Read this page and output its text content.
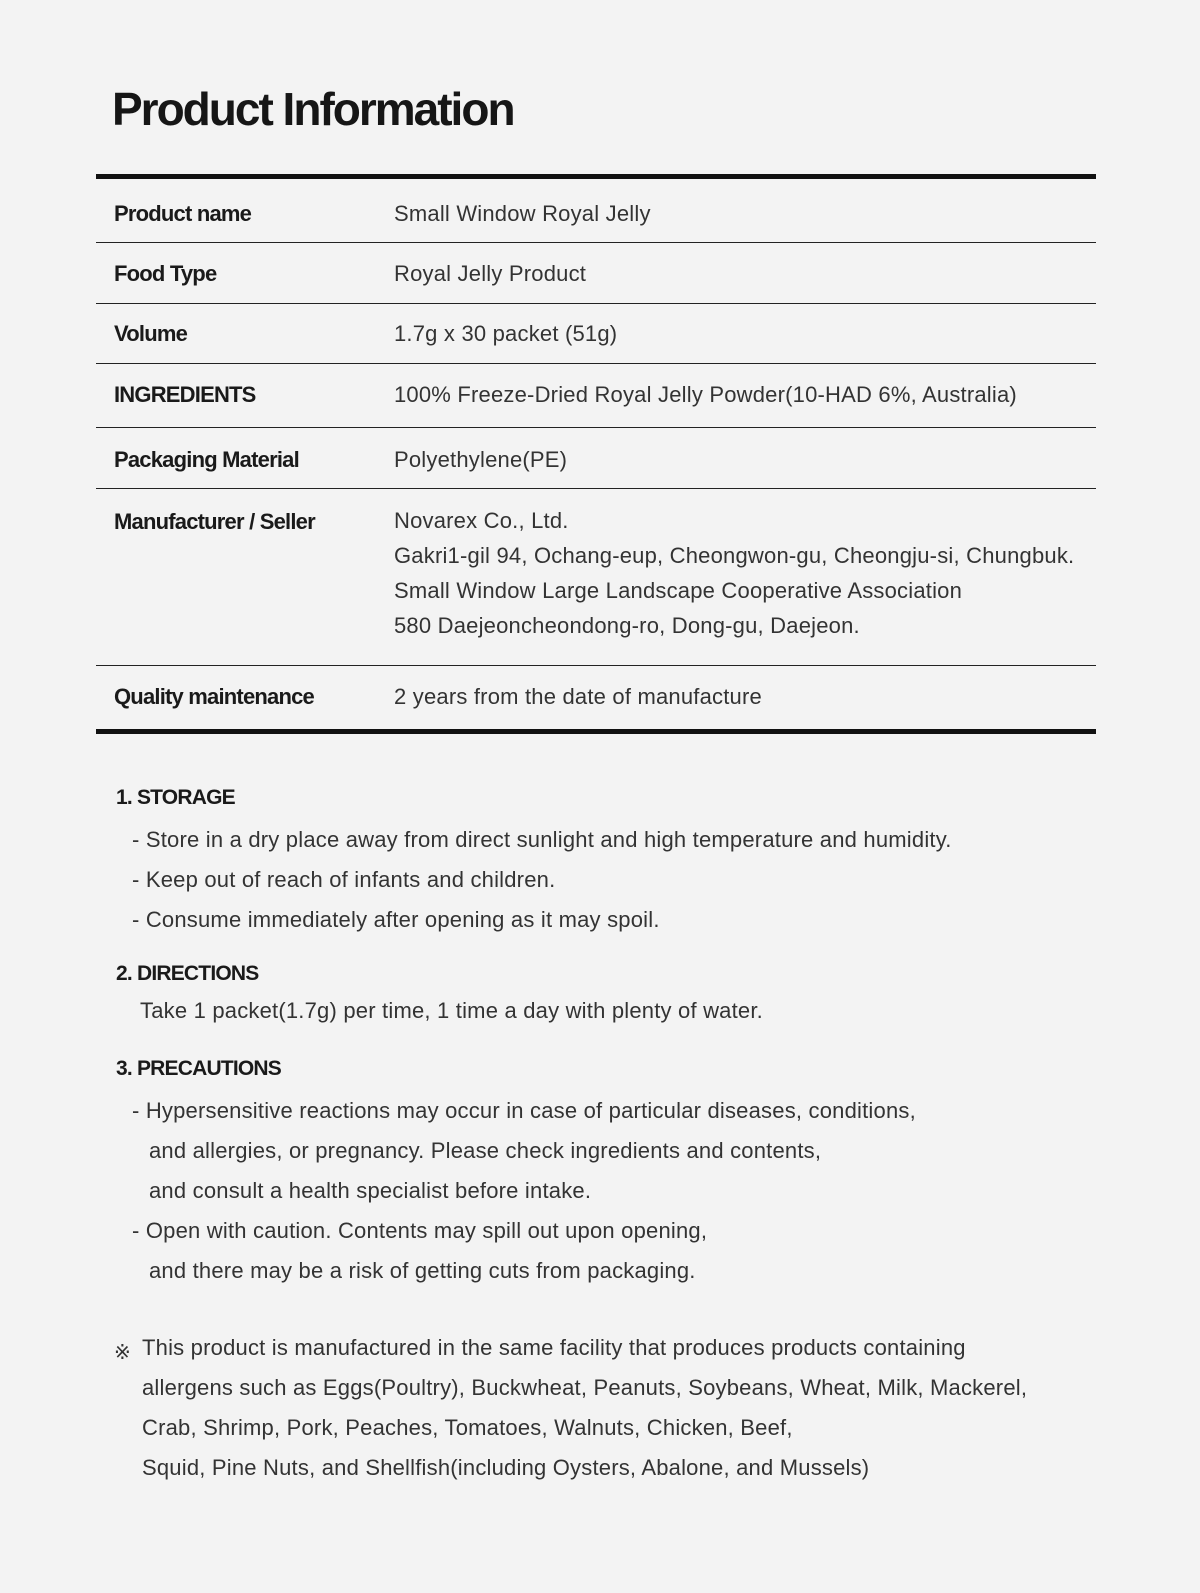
Product Information
Product name	Small Window Royal Jelly
Food Type	Royal Jelly Product
Volume	1.7g x 30 packet (51g)
INGREDIENTS	100% Freeze-Dried Royal Jelly Powder(10-HAD 6%, Australia)
Packaging Material	Polyethylene(PE)
Manufacturer / Seller	Novarex Co., Ltd.
Gakri1-gil 94, Ochang-eup, Cheongwon-gu, Cheongju-si, Chungbuk.
Small Window Large Landscape Cooperative Association
580 Daejeoncheondong-ro, Dong-gu, Daejeon.
Quality maintenance	2 years from the date of manufacture
1. STORAGE
- Store in a dry place away from direct sunlight and high temperature and humidity.
- Keep out of reach of infants and children.
- Consume immediately after opening as it may spoil.
2. DIRECTIONS
Take 1 packet(1.7g) per time, 1 time a day with plenty of water.
3. PRECAUTIONS
- Hypersensitive reactions may occur in case of particular diseases, conditions,
and allergies, or pregnancy. Please check ingredients and contents,
and consult a health specialist before intake.
- Open with caution. Contents may spill out upon opening,
and there may be a risk of getting cuts from packaging.
※ This product is manufactured in the same facility that produces products containing
allergens such as Eggs(Poultry), Buckwheat, Peanuts, Soybeans, Wheat, Milk, Mackerel,
Crab, Shrimp, Pork, Peaches, Tomatoes, Walnuts, Chicken, Beef,
Squid, Pine Nuts, and Shellfish(including Oysters, Abalone, and Mussels)
